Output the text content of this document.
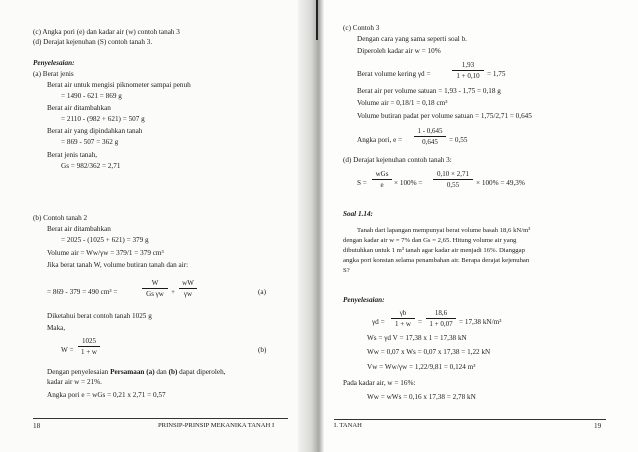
(c) Angka pori (e) dan kadar air (w) contoh tanah 3
(d) Derajat kejenuhan (S) contoh tanah 3.
Penyelesaian:
(a) Berat jenis
Berat air untuk mengisi piknometer sampai penuh
= 1490 - 621 = 869 g
Berat air ditambahkan
= 2110 - (982 + 621) = 507 g
Berat air yang dipindahkan tanah
= 869 - 507 = 362 g
Berat jenis tanah,
Gs = 982/362 = 2,71
(b) Contoh tanah 2
Berat air ditambahkan
= 2025 - (1025 + 621) = 379 g
Volume air = Ww/γw = 379/1 = 379 cm³
Jika berat tanah W, volume butiran tanah dan air:
= 869 - 379 = 490 cm³ =
W
Gs γw +
wW
γw	(a)
Diketahui berat contoh tanah 1025 g
Maka,
W =
1025
1 + w	(b)
Dengan penyelesaian Persamaan (a) dan (b) dapat diperoleh,
kadar air w = 21%.
Angka pori e = wGs = 0,21 x 2,71 = 0,57
18	PRINSIP-PRINSIP MEKANIKA TANAH I
(c) Contoh 3
Dengan cara yang sama seperti soal b.
Diperoleh kadar air w = 10%
Berat volume kering γd =
1,93
1 + 0,10	= 1,75
Berat air per volume satuan = 1,93 - 1,75 = 0,18 g
Volume air = 0,18/1 = 0,18 cm³
Volume butiran padat per volume satuan = 1,75/2,71 = 0,645
Angka pori, e =
1 - 0,645
0,645	= 0,55
(d) Derajat kejenuhan contoh tanah 3:
S =
wGs
e	× 100% =
0,10 × 2,71
0,55	× 100% = 49,3%
Soal 1.14:
Tanah dari lapangan mempunyai berat volume basah 18,6 kN/m³
dengan kadar air w = 7% dan Gs = 2,65. Hitung volume air yang
dibutuhkan untuk 1 m³ tanah agar kadar air menjadi 16%. Dianggap
angka pori konstan selama penambahan air. Berapa derajat kejenuhan
S?
Penyelesaian:
γd =
γb
1 + w =
18,6
1 + 0,07 = 17,38 kN/m³
Ws = γd V = 17,38 x 1 = 17,38 kN
Ww = 0,07 x Ws = 0,07 x 17,38 = 1,22 kN
Vw = Ww/γw = 1,22/9,81 = 0,124 m³
Pada kadar air, w = 16%:
Ww = wWs = 0,16 x 17,38 = 2,78 kN
I. TANAH	19
